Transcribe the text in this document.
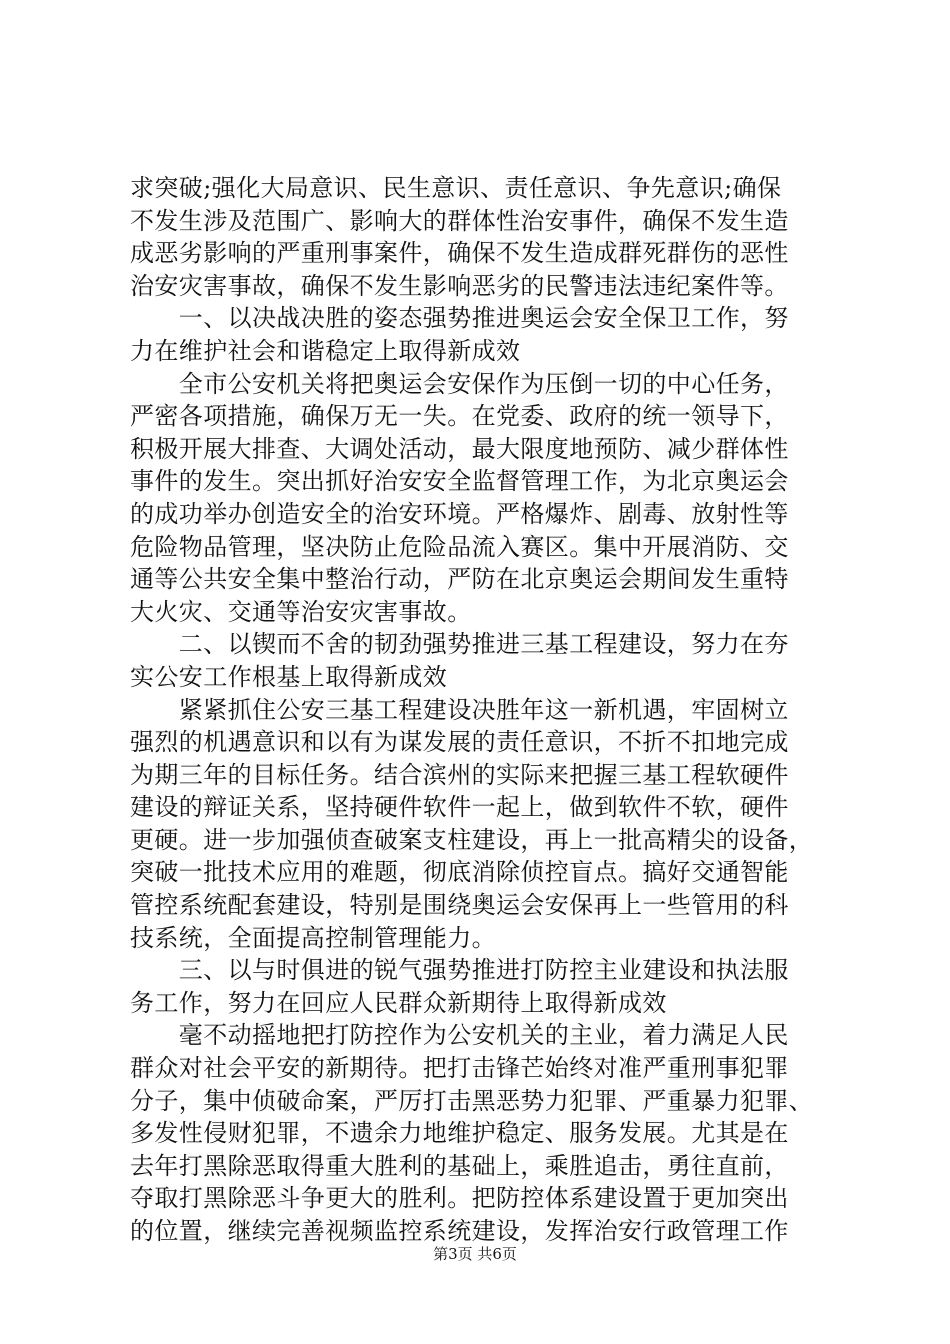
求突破;强化大局意识、民生意识、责任意识、争先意识;确保
不发生涉及范围广、影响大的群体性治安事件，确保不发生造
成恶劣影响的严重刑事案件，确保不发生造成群死群伤的恶性
治安灾害事故，确保不发生影响恶劣的民警违法违纪案件等。
　　一、以决战决胜的姿态强势推进奥运会安全保卫工作，努
力在维护社会和谐稳定上取得新成效
　　全市公安机关将把奥运会安保作为压倒一切的中心任务，
严密各项措施，确保万无一失。在党委、政府的统一领导下，
积极开展大排查、大调处活动，最大限度地预防、减少群体性
事件的发生。突出抓好治安安全监督管理工作，为北京奥运会
的成功举办创造安全的治安环境。严格爆炸、剧毒、放射性等
危险物品管理，坚决防止危险品流入赛区。集中开展消防、交
通等公共安全集中整治行动，严防在北京奥运会期间发生重特
大火灾、交通等治安灾害事故。
　　二、以锲而不舍的韧劲强势推进三基工程建设，努力在夯
实公安工作根基上取得新成效
　　紧紧抓住公安三基工程建设决胜年这一新机遇，牢固树立
强烈的机遇意识和以有为谋发展的责任意识，不折不扣地完成
为期三年的目标任务。结合滨州的实际来把握三基工程软硬件
建设的辩证关系，坚持硬件软件一起上，做到软件不软，硬件
更硬。进一步加强侦查破案支柱建设，再上一批高精尖的设备，
突破一批技术应用的难题，彻底消除侦控盲点。搞好交通智能
管控系统配套建设，特别是围绕奥运会安保再上一些管用的科
技系统，全面提高控制管理能力。
　　三、以与时俱进的锐气强势推进打防控主业建设和执法服
务工作，努力在回应人民群众新期待上取得新成效
　　毫不动摇地把打防控作为公安机关的主业，着力满足人民
群众对社会平安的新期待。把打击锋芒始终对准严重刑事犯罪
分子，集中侦破命案，严厉打击黑恶势力犯罪、严重暴力犯罪、
多发性侵财犯罪，不遗余力地维护稳定、服务发展。尤其是在
去年打黑除恶取得重大胜利的基础上，乘胜追击，勇往直前，
夺取打黑除恶斗争更大的胜利。把防控体系建设置于更加突出
的位置，继续完善视频监控系统建设，发挥治安行政管理工作
第3页 共6页
